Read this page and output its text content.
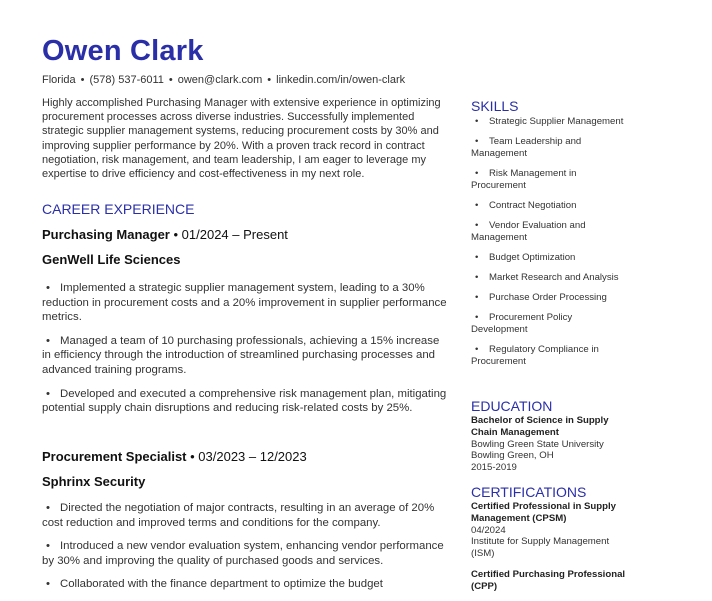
Owen Clark
Florida • (578) 537-6011 • owen@clark.com • linkedin.com/in/owen-clark

Highly accomplished Purchasing Manager with extensive experience in optimizing procurement processes across diverse industries. Successfully implemented strategic supplier management systems, reducing procurement costs by 30% and improving supplier performance by 20%. With a proven track record in contract negotiation, risk management, and team leadership, I am eager to leverage my expertise to drive efficiency and cost-effectiveness in my next role.

CAREER EXPERIENCE
Purchasing Manager • 01/2024 – Present
GenWell Life Sciences
• Implemented a strategic supplier management system, leading to a 30% reduction in procurement costs and a 20% improvement in supplier performance metrics.
• Managed a team of 10 purchasing professionals, achieving a 15% increase in efficiency through the introduction of streamlined purchasing processes and advanced training programs.
• Developed and executed a comprehensive risk management plan, mitigating potential supply chain disruptions and reducing risk-related costs by 25%.
Procurement Specialist • 03/2023 – 12/2023
Sphrinx Security
• Directed the negotiation of major contracts, resulting in an average of 20% cost reduction and improved terms and conditions for the company.
• Introduced a new vendor evaluation system, enhancing vendor performance by 30% and improving the quality of purchased goods and services.
• Collaborated with the finance department to optimize the budget
SKILLS
• Strategic Supplier Management
• Team Leadership and Management
• Risk Management in Procurement
• Contract Negotiation
• Vendor Evaluation and Management
• Budget Optimization
• Market Research and Analysis
• Purchase Order Processing
• Procurement Policy Development
• Regulatory Compliance in Procurement
EDUCATION
Bachelor of Science in Supply Chain Management
Bowling Green State University
Bowling Green, OH
2015-2019
CERTIFICATIONS
Certified Professional in Supply Management (CPSM)
04/2024
Institute for Supply Management (ISM)
Certified Purchasing Professional (CPP)
